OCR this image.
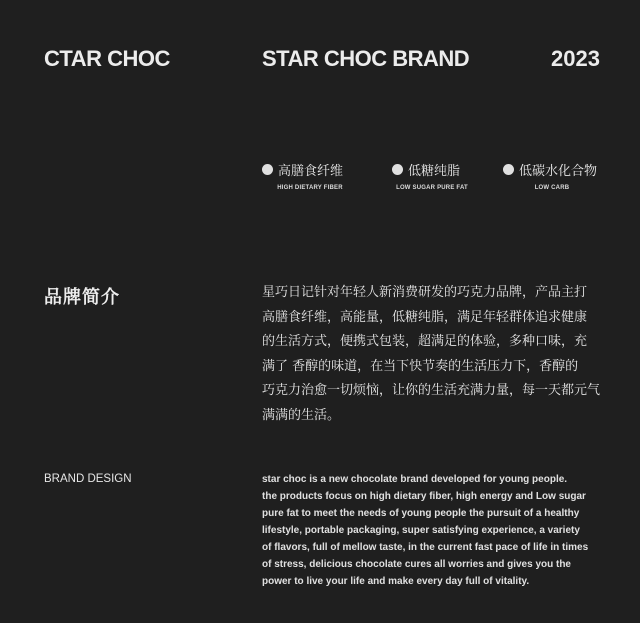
CTAR CHOC	STAR CHOC BRAND	2023
高膳食纤维
HIGH DIETARY FIBER
低糖纯脂
LOW SUGAR PURE FAT
低碳水化合物
LOW CARB
品牌简介	星巧日记针对年轻人新消费研发的巧克力品牌，产品主打
高膳食纤维，高能量，低糖纯脂，满足年轻群体追求健康
的生活方式，便携式包装，超满足的体验，多种口味，充
满了 香醇的味道，在当下快节奏的生活压力下，香醇的
巧克力治愈一切烦恼，让你的生活充满力量，每一天都元气
满满的生活。
BRAND DESIGN	star choc is a new chocolate brand developed for young people.
the products focus on high dietary fiber, high energy and Low sugar
pure fat to meet the needs of young people the pursuit of a healthy
lifestyle, portable packaging, super satisfying experience, a variety
of flavors, full of mellow taste, in the current fast pace of life in times
of stress, delicious chocolate cures all worries and gives you the
power to live your life and make every day full of vitality.
